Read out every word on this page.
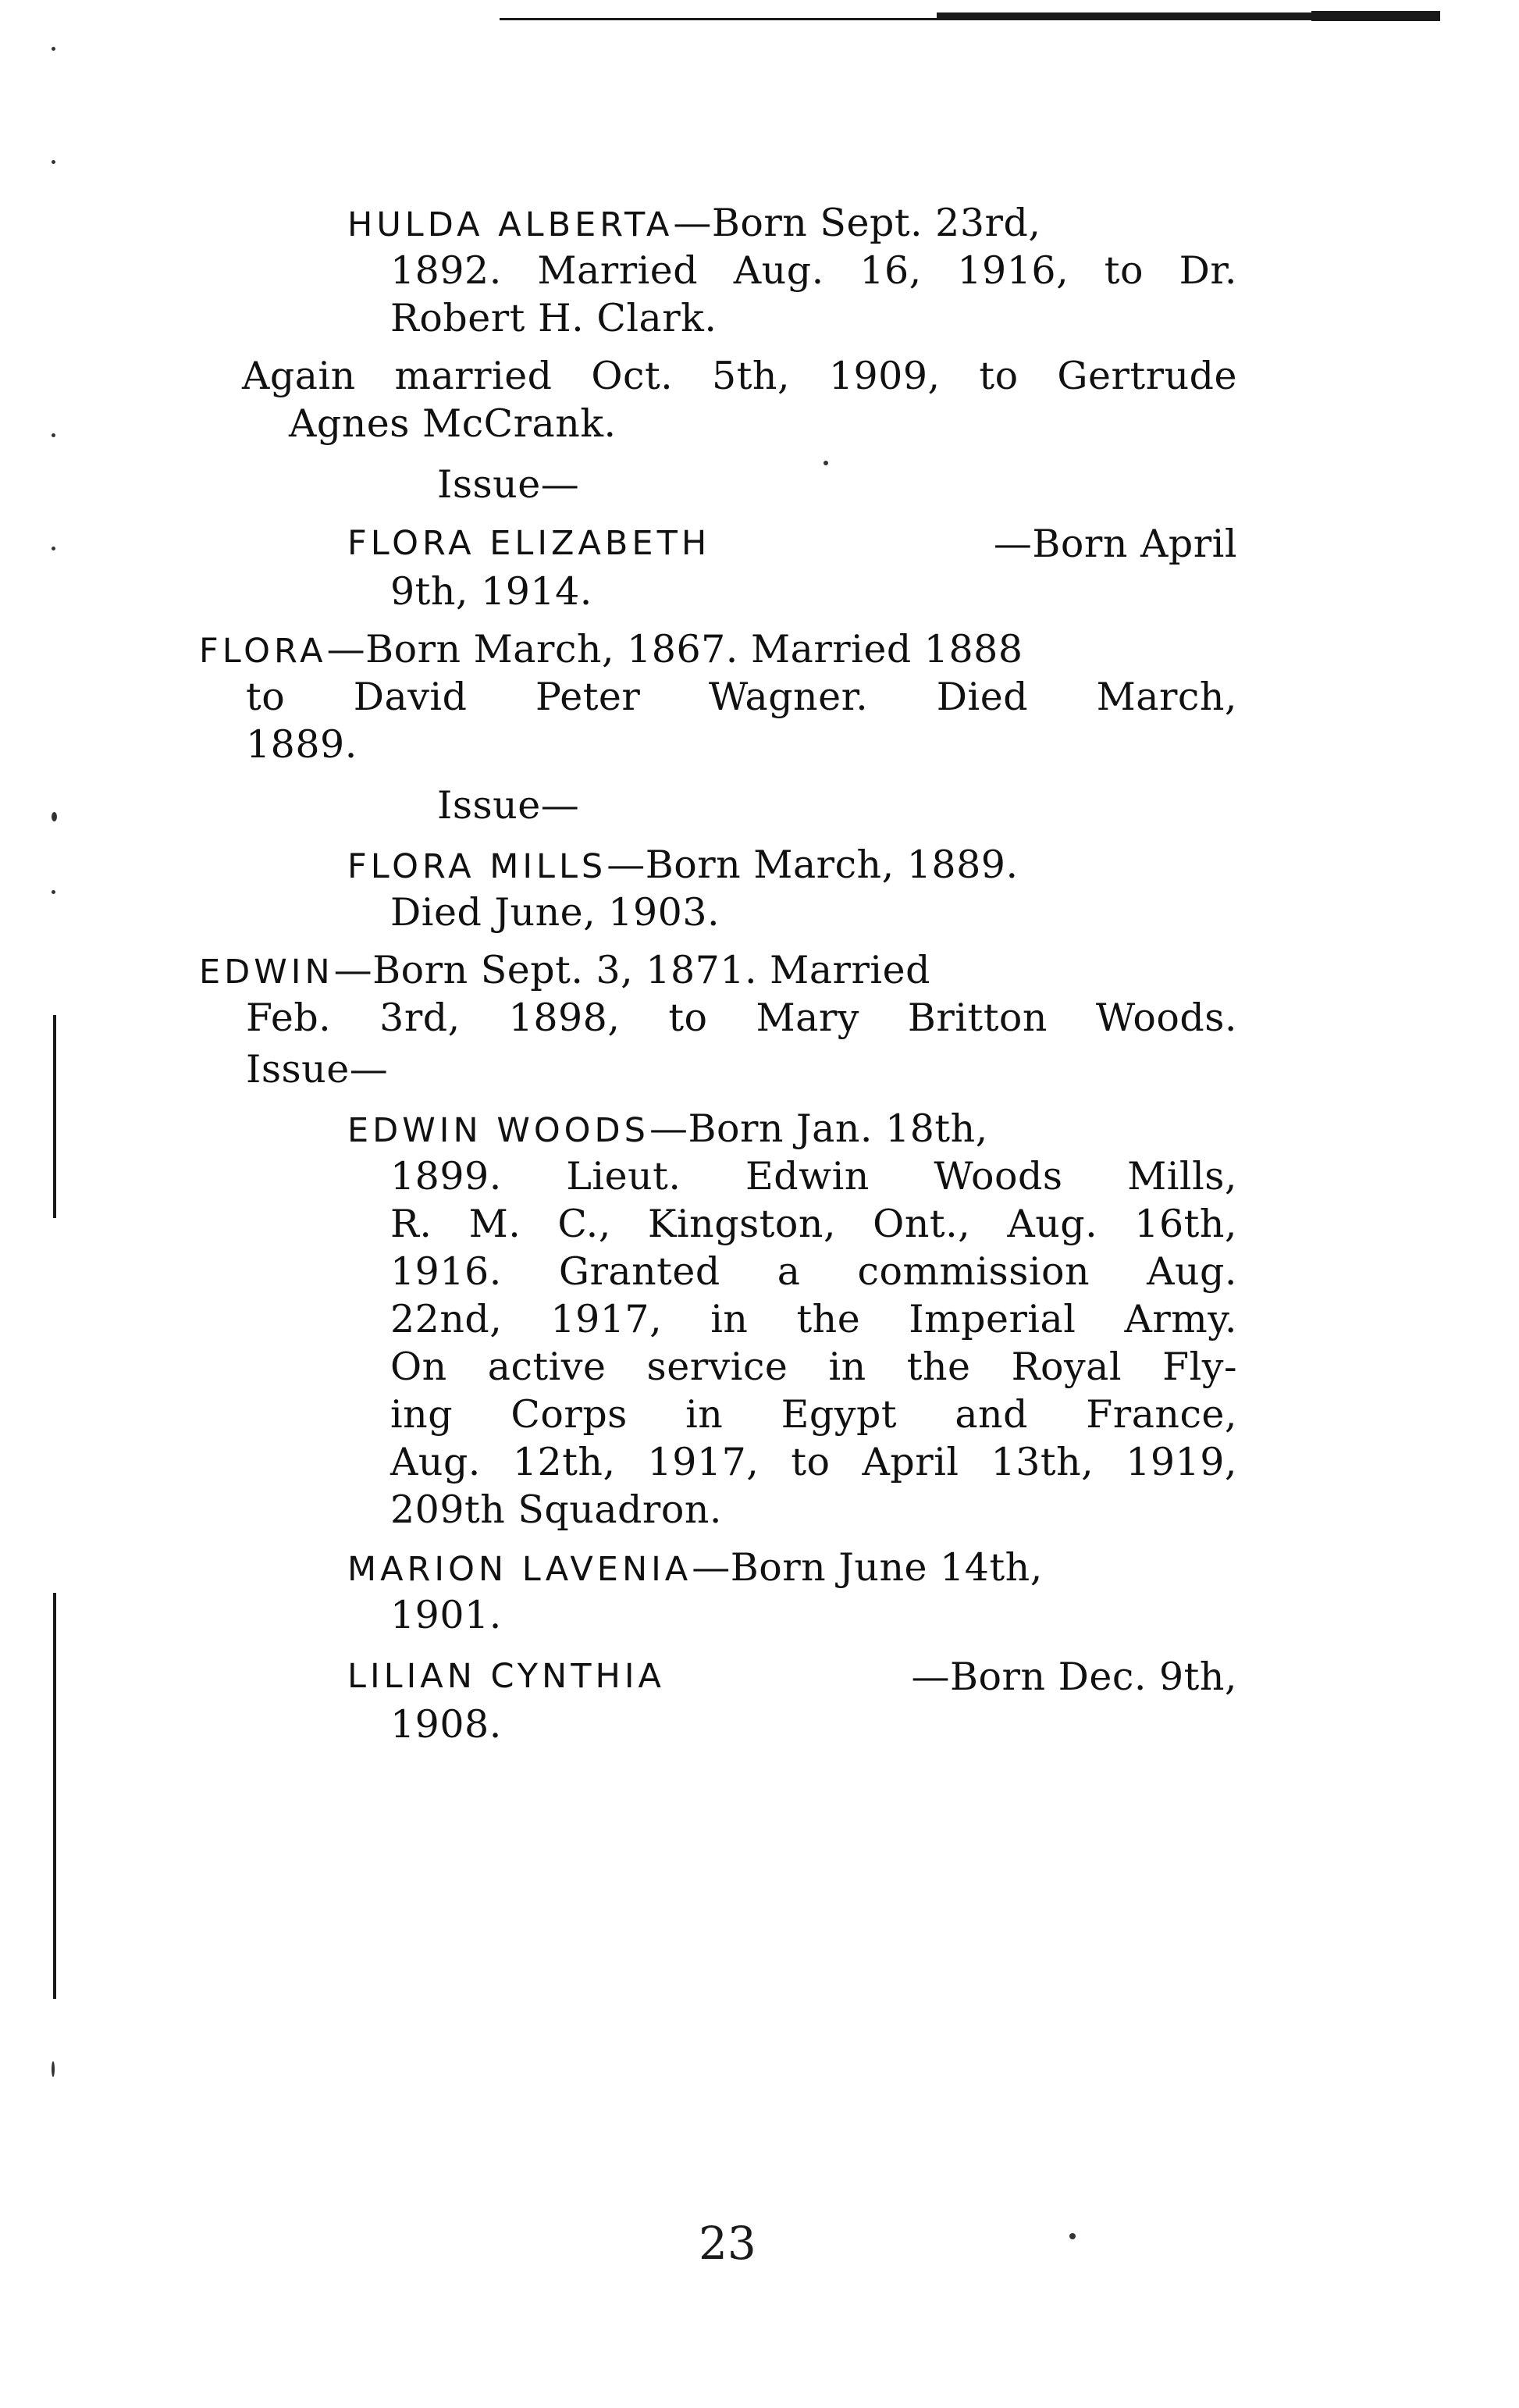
HULDA ALBERTA—Born Sept. 23rd,
1892. Married Aug. 16, 1916, to Dr.
Robert H. Clark.
Again married Oct. 5th, 1909, to Gertrude
Agnes McCrank.
Issue—
FLORA ELIZABETH	—Born April
9th, 1914.
FLORA—Born March, 1867. Married 1888
to David Peter Wagner. Died March,
1889.
Issue—
FLORA MILLS—Born March, 1889.
Died June, 1903.
EDWIN—Born Sept. 3, 1871. Married
Feb. 3rd, 1898, to Mary Britton Woods.
Issue—
EDWIN WOODS—Born Jan. 18th,
1899. Lieut. Edwin Woods Mills,
R. M. C., Kingston, Ont., Aug. 16th,
1916. Granted a commission Aug.
22nd, 1917, in the Imperial Army.
On active service in the Royal Fly-
ing Corps in Egypt and France,
Aug. 12th, 1917, to April 13th, 1919,
209th Squadron.
MARION LAVENIA—Born June 14th,
1901.
LILIAN CYNTHIA	—Born Dec. 9th,
1908.
23
